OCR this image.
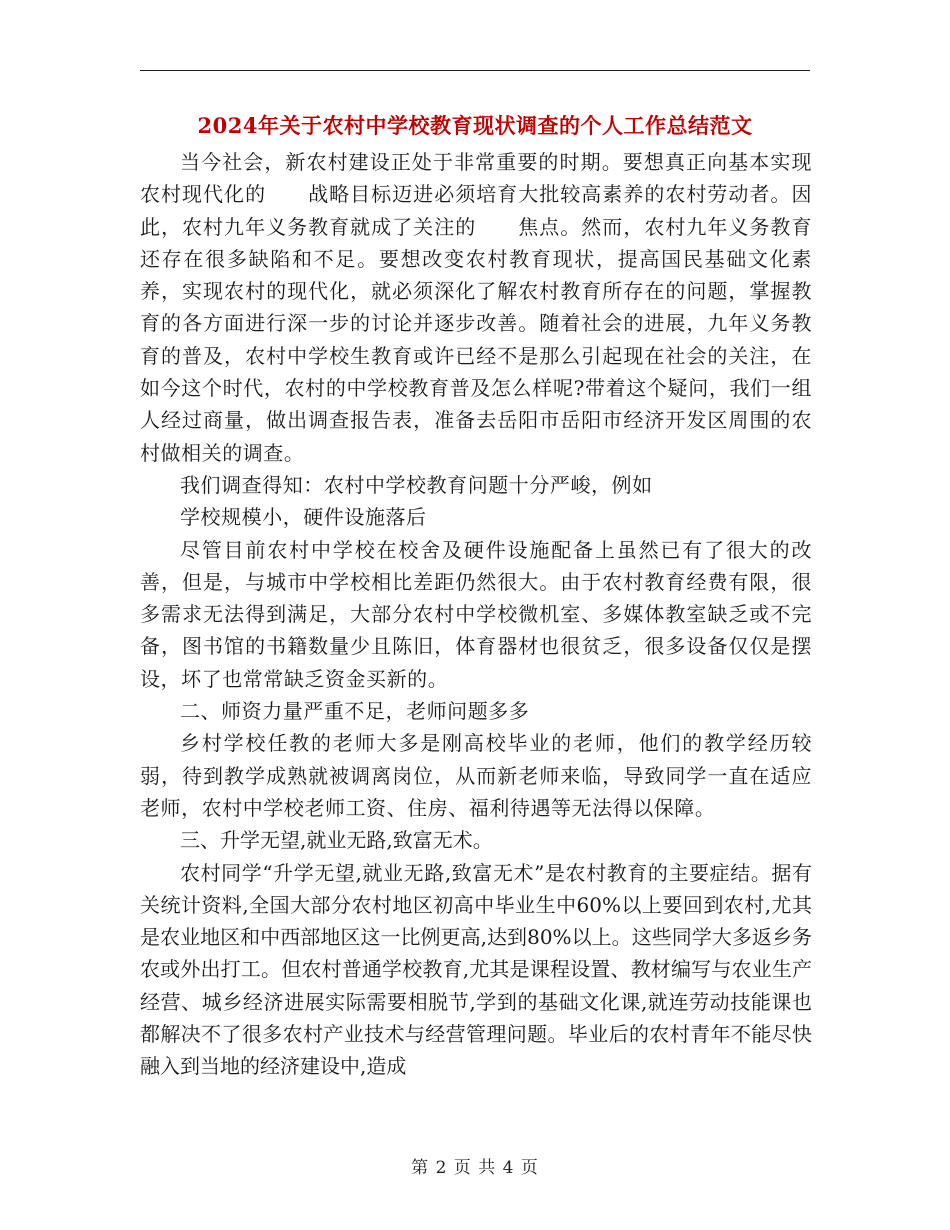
2024年关于农村中学校教育现状调查的个人工作总结范文

当今社会，新农村建设正处于非常重要的时期。要想真正向基本实现农村现代化的　　战略目标迈进必须培育大批较高素养的农村劳动者。因此，农村九年义务教育就成了关注的　　焦点。然而，农村九年义务教育还存在很多缺陷和不足。要想改变农村教育现状，提高国民基础文化素养，实现农村的现代化，就必须深化了解农村教育所存在的问题，掌握教育的各方面进行深一步的讨论并逐步改善。随着社会的进展，九年义务教育的普及，农村中学校生教育或许已经不是那么引起现在社会的关注，在如今这个时代，农村的中学校教育普及怎么样呢?带着这个疑问，我们一组人经过商量，做出调查报告表，准备去岳阳市岳阳市经济开发区周围的农村做相关的调查。

我们调查得知：农村中学校教育问题十分严峻，例如

学校规模小，硬件设施落后

尽管目前农村中学校在校舍及硬件设施配备上虽然已有了很大的改善，但是，与城市中学校相比差距仍然很大。由于农村教育经费有限，很多需求无法得到满足，大部分农村中学校微机室、多媒体教室缺乏或不完备，图书馆的书籍数量少且陈旧，体育器材也很贫乏，很多设备仅仅是摆设，坏了也常常缺乏资金买新的。

二、师资力量严重不足，老师问题多多

乡村学校任教的老师大多是刚高校毕业的老师，他们的教学经历较弱，待到教学成熟就被调离岗位，从而新老师来临，导致同学一直在适应老师，农村中学校老师工资、住房、福利待遇等无法得以保障。

三、升学无望,就业无路,致富无术。

农村同学“升学无望,就业无路,致富无术”是农村教育的主要症结。据有关统计资料,全国大部分农村地区初高中毕业生中60%以上要回到农村,尤其是农业地区和中西部地区这一比例更高,达到80%以上。这些同学大多返乡务农或外出打工。但农村普通学校教育,尤其是课程设置、教材编写与农业生产经营、城乡经济进展实际需要相脱节,学到的基础文化课,就连劳动技能课也都解决不了很多农村产业技术与经营管理问题。毕业后的农村青年不能尽快融入到当地的经济建设中,造成

第 2 页 共 4 页
